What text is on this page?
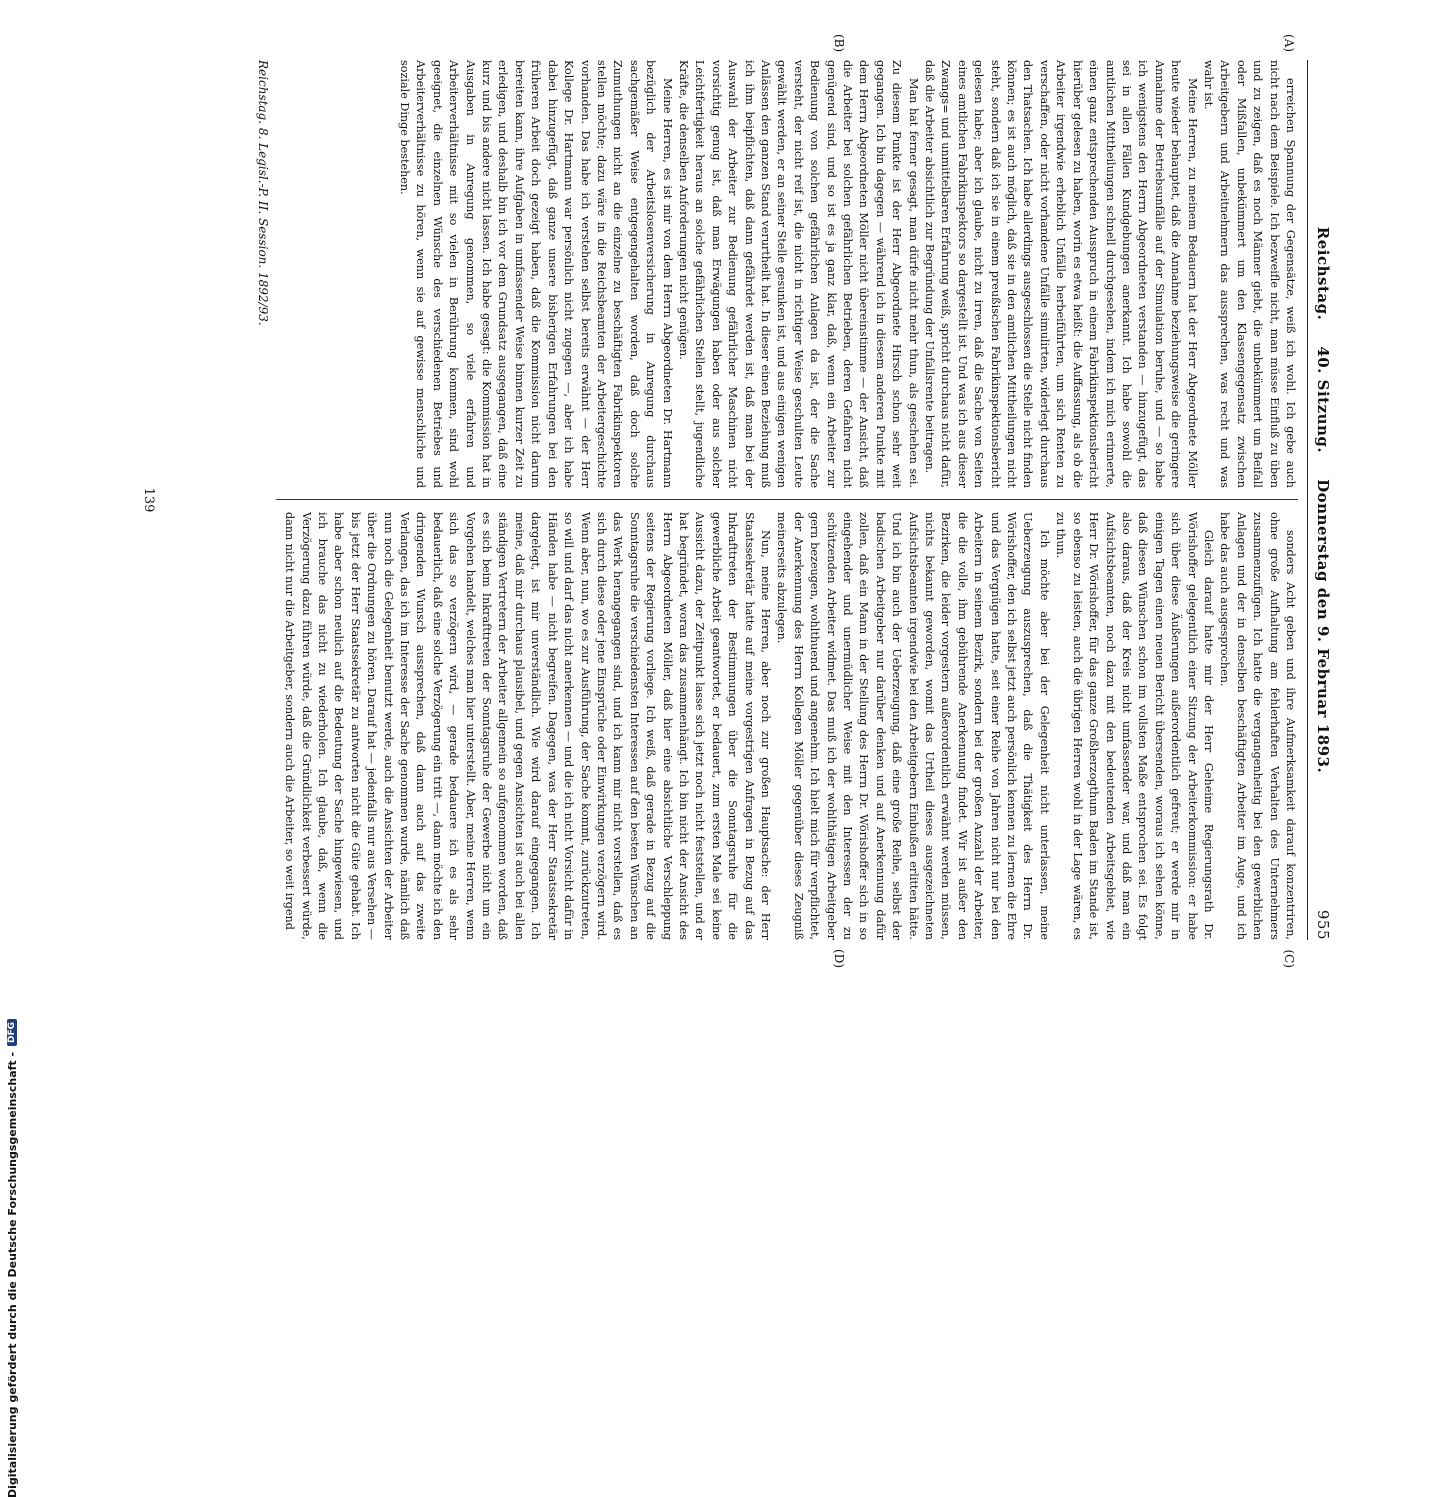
Reichstag.
40. Sitzung.
Donnerstag den 9. Februar 1893.
955
(A)
(B)
(C)
(D)

erreichen Spannung der Gegensätze, weiß ich wohl. Ich gebe auch nicht nach dem Beispiele. Ich bezweifle nicht, man müsse Einfluß zu üben und zu zeigen, daß es noch Männer giebt, die unbekümmert um Beifall oder Mißfallen, unbekümmert um den Klassengegensatz zwischen Arbeitgebern und Arbeitnehmern das aussprechen, was recht und was wahr ist.

Meine Herren, zu meinem Bedauern hat der Herr Abgeordnete Möller heute wieder behauptet, daß die Annahme beziehungsweise die geringere Annahme der Betriebsunfälle auf der Simulation beruhe, und — so habe ich wenigstens den Herrn Abgeordneten verstanden — hinzugefügt, das sei in allen Fällen Kundgebungen anerkannt. Ich habe sowohl die amtlichen Mittheilungen schnell durchgesehen, indem ich mich erinnerte, einen ganz entsprechenden Ausspruch in einem Fabrikinspektionsbericht hierüber gelesen zu haben, worin es etwa heißt: die Auffassung, als ob die Arbeiter irgendwie erheblich Unfälle herbeiführten, um sich Renten zu verschaffen, oder nicht vorhandene Unfälle simulirten, widerlegt durchaus den Thatsachen. Ich habe allerdings ausgeschlossen die Stelle nicht finden können; es ist auch möglich, daß sie in den amtlichen Mittheilungen nicht steht, sondern daß ich sie in einem preußischen Fabrikinspektionsbericht gelesen habe; aber ich glaube, nicht zu irren, daß die Sache von Seiten eines amtlichen Fabrikinspektors so dargestellt ist. Und was ich aus dieser Zwangs= und unmittelbaren Erfahrung weiß, spricht durchaus nicht dafür, daß die Arbeiter absichtlich zur Begründung der Unfallsrente beitragen.

Man hat ferner gesagt, man dürfe nicht mehr thun, als geschehen sei. Zu diesem Punkte ist der Herr Abgeordnete Hirsch schon sehr weit gegangen. Ich bin dagegen — während ich in diesem anderen Punkte mit dem Herrn Abgeordneten Möller nicht übereinstimme — der Ansicht, daß die Arbeiter bei solchen gefährlichen Betrieben, deren Gefahren nicht genügend sind, und so ist es ja ganz klar, daß, wenn ein Arbeiter zur Bedienung von solchen gefährlichen Anlagen da ist, der die Sache versteht, der nicht reif ist, die nicht in richtiger Weise geschulten Leute gewählt werden, er an seiner Stelle gesunken ist, und aus einigen wenigen Anlässen den ganzen Stand verurtheilt hat. In dieser einen Beziehung muß ich ihm beipflichten, daß dann gefährdet werden ist, daß man bei der Auswahl der Arbeiter zur Bedienung gefährlicher Maschinen nicht vorsichtig genug ist, daß man Erwägungen haben oder aus solcher Leichtfertigkeit heraus an solche gefährlichen Stellen stellt, jugendliche Kräfte, die denselben Anforderungen nicht genügen.

Meine Herren, es ist mir von dem Herrn Abgeordneten Dr. Hartmann bezüglich der Arbeitslosenversicherung in Anregung durchaus sachgemäßer Weise entgegengehalten worden, daß doch solche Zumuthungen nicht an die einzelne zu beschäftigten Fabrikinspektoren stellen möchte; dazu wäre in die Reichsbeamten der Arbeitergeschichte vorhanden. Das habe ich verstehen selbst bereits erwähnt — der Herr Kollege Dr. Hartmann war persönlich nicht zugegen —, aber ich habe dabei hinzugefügt, daß ganze unsere bisherigen Erfahrungen bei den früheren Arbeit doch gezeigt haben, daß die Kommission nicht darum bereiten kann, ihre Aufgaben in umfassender Weise binnen kurzer Zeit zu erledigen, und deshalb bin ich vor dem Grundsatz ausgegangen, daß eine kurz und bis andere nicht lassen. Ich habe gesagt: die Kommission hat in Ausgaben in Anregung genommen, so viele erfahren und Arbeiterverhältnisse mit so vielen in Berührung kommen, sind wohl geeignet, die einzelnen Wünsche des verschiedenen Betriebes und Arbeiterverhältnisse zu hören, wenn sie auf gewisse menschliche und soziale Dinge bestehen.

sonders Acht geben und ihre Aufmerksamkeit darauf konzentriren, ohne große Aufhaltung am fehlerhaften Verhalten des Unternehmers zusammenzufügen. Ich hatte die vergangenheitig bei den gewerblichen Anlagen und der in denselben beschäftigten Arbeiter im Auge, und ich habe das auch ausgesprochen.

Gleich darauf hatte mir der Herr Geheime Regierungsrath Dr. Wörishoffer gelegentlich einer Sitzung der Arbeiterkommission: er habe sich über diese Äußerungen außerordentlich gefreut; er werde mir in einigen Tagen einen neuen Bericht übersenden, woraus ich sehen könne, daß diesen Wünschen schon im vollsten Maße entsprochen sei. Es folgt also daraus, daß der Kreis nicht umfassender war, und daß man ein Aufsichtsbeamten, noch dazu mit den bedeutenden Arbeitsgebiet, wie Herr Dr. Wörishoffer, für das ganze Großherzogthum Baden im Stande ist, so ebenso zu leisten, auch die übrigen Herren wohl in der Lage wären, es zu thun.

Ich möchte aber bei der Gelegenheit nicht unterlassen, meine Ueberzeugung auszusprechen, daß die Thätigkeit des Herrn Dr. Wörishoffer, den ich selbst jetzt auch persönlich kennen zu lernen die Ehre und das Vergnügen hatte, seit einer Reihe von Jahren nicht nur bei den Arbeitern in seinem Bezirk, sondern bei der großen Anzahl der Arbeiter, die die volle, ihm gebührende Anerkennung findet. Wir ist außer den Bezirken, die leider vorgestern außerordentlich erwähnt werden müssen, nichts bekannt geworden, womit das Urtheil dieses ausgezeichneten Aufsichtsbeamten irgendwie bei den Arbeitgebern Einbußen erlitten hätte. Und ich bin auch der Ueberzeugung, daß eine große Reihe, selbst der badischen Arbeitgeber nur darüber denken und auf Anerkennung dafür zollen, daß ein Mann in der Stellung des Herrn Dr. Wörishoffer sich in so eingehender und unermüdlicher Weise mit den Interessen der zu schützenden Arbeiter widmet. Das muß ich der wohlthätigen Arbeitgeber gern bezeugen, wohlthuend und angenehm. Ich hielt mich für verpflichtet, der Anerkennung des Herrn Kollegen Möller gegenüber dieses Zeugniß meinerseits abzulegen.

Nun, meine Herren, aber noch zur großen Hauptsache: der Herr Staatssekretär hatte auf meine vorgestrigen Anfragen in Bezug auf das Inkrafttreten der Bestimmungen über die Sonntagsruhe für die gewerbliche Arbeit geantwortet, er bedauert, zum ersten Male sei keine Aussicht dazu, der Zeitpunkt lasse sich jetzt noch nicht feststellen, und er hat begründet, woran das zusammenhängt. Ich bin nicht der Ansicht des Herrn Abgeordneten Möller, daß hier eine absichtliche Verschleppung seitens der Regierung vorliege. Ich weiß, daß gerade in Bezug auf die Sonntagsruhe die verschiedensten Interessen auf den besten Wünschen an das Werk herangegangen sind, und ich kann mir nicht vorstellen, daß es sich durch diese oder jene Einsprüche oder Einwirkungen verzögern wird. Wenn aber, nun, wo es zur Ausführung, der Sache kommt, zurückzutreten, so will und darf das nicht anerkennen — und die ich nicht Vorsicht dafür in Händen habe — nicht begreifen. Dagegen, was der Herr Staatssekretär dargelegt, ist mir unverständlich. Wie wird darauf eingegangen. Ich meine, daß mir durchaus plausibel, und gegen Ansichten ist auch bei allen ständigen Vertretern der Arbeiter allgemein so aufgenommen worden, daß es sich beim Inkrafttreten der Sonntagsruhe der Gewerbe nicht um ein Vorgehen handelt, welches man hier unterstellt. Aber, meine Herren, wenn sich das so verzögern wird, — gerade bedauere ich es als sehr bedauerlich, daß eine solche Verzögerung ein tritt —, dann möchte ich den dringenden Wunsch aussprechen, daß dann auch auf das zweite Verlangen, das ich im Interesse der Sache genommen wurde, nämlich daß nun noch die Gelegenheit benutzt werde, auch die Ansichten der Arbeiter über die Ordnungen zu hören. Darauf hat — jedenfalls nur aus Versehen — bis jetzt der Herr Staatssekretär zu antworten nicht die Güte gehabt. Ich habe aber schon neulich auf die Bedeutung der Sache hingewiesen, und ich brauche das nicht zu wiederholen. Ich glaube, daß, wenn die Verzögerung dazu führen würde, daß die Gründlichkeit verbessert würde, dann nicht nur die Arbeitgeber, sondern auch die Arbeiter, so weit irgend

Reichstag. 8. Legisl.-P. II. Session. 1892/93.
139
Digitalisierung gefördert durch die Deutsche Forschungsgemeinschaft -
DFG
